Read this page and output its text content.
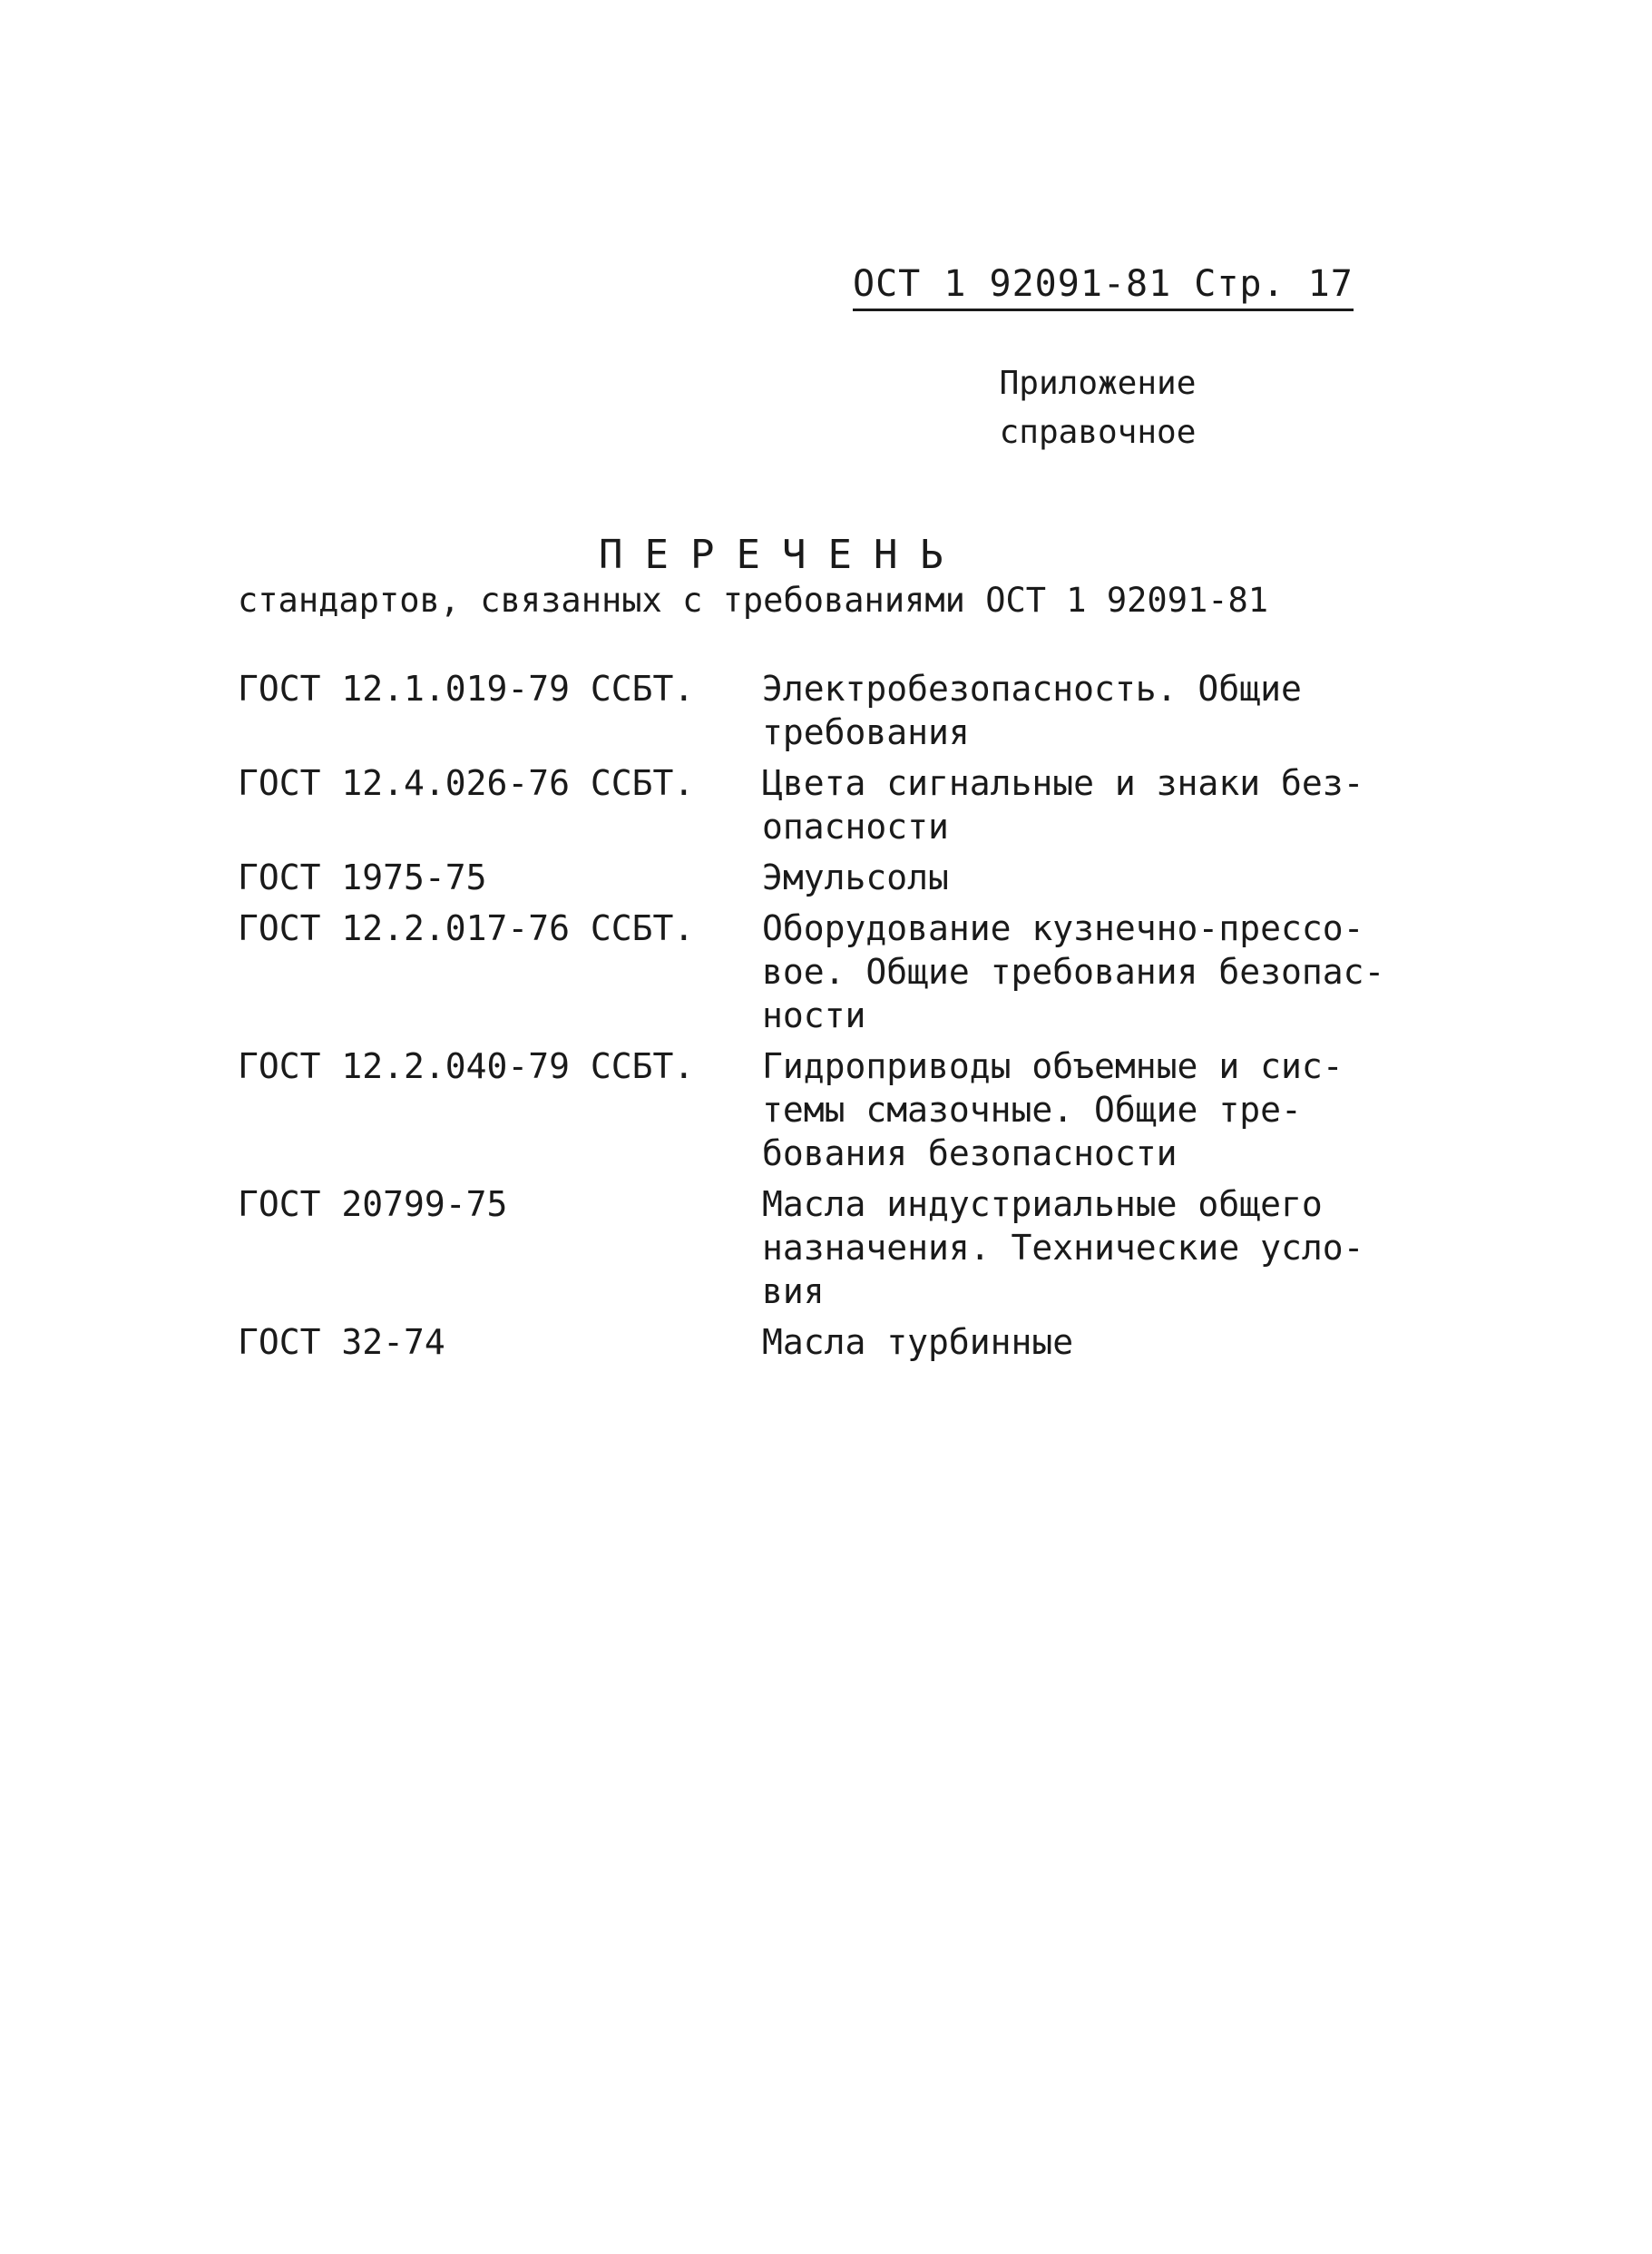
ОСТ 1 92091-81 Стр. 17
Приложение
справочное
ПЕРЕЧЕНЬ
стандартов, связанных с требованиями ОСТ 1 92091-81
ГОСТ 12.1.019-79 ССБТ.	Электробезопасность. Общие
требования
ГОСТ 12.4.026-76 ССБТ.	Цвета сигнальные и знаки без-
опасности
ГОСТ 1975-75	Эмульсолы
ГОСТ 12.2.017-76 ССБТ.	Оборудование кузнечно-прессо-
вое. Общие требования безопас-
ности
ГОСТ 12.2.040-79 ССБТ.	Гидроприводы объемные и сис-
темы смазочные. Общие тре-
бования безопасности
ГОСТ 20799-75	Масла индустриальные общего
назначения. Технические усло-
вия
ГОСТ 32-74	Масла турбинные
